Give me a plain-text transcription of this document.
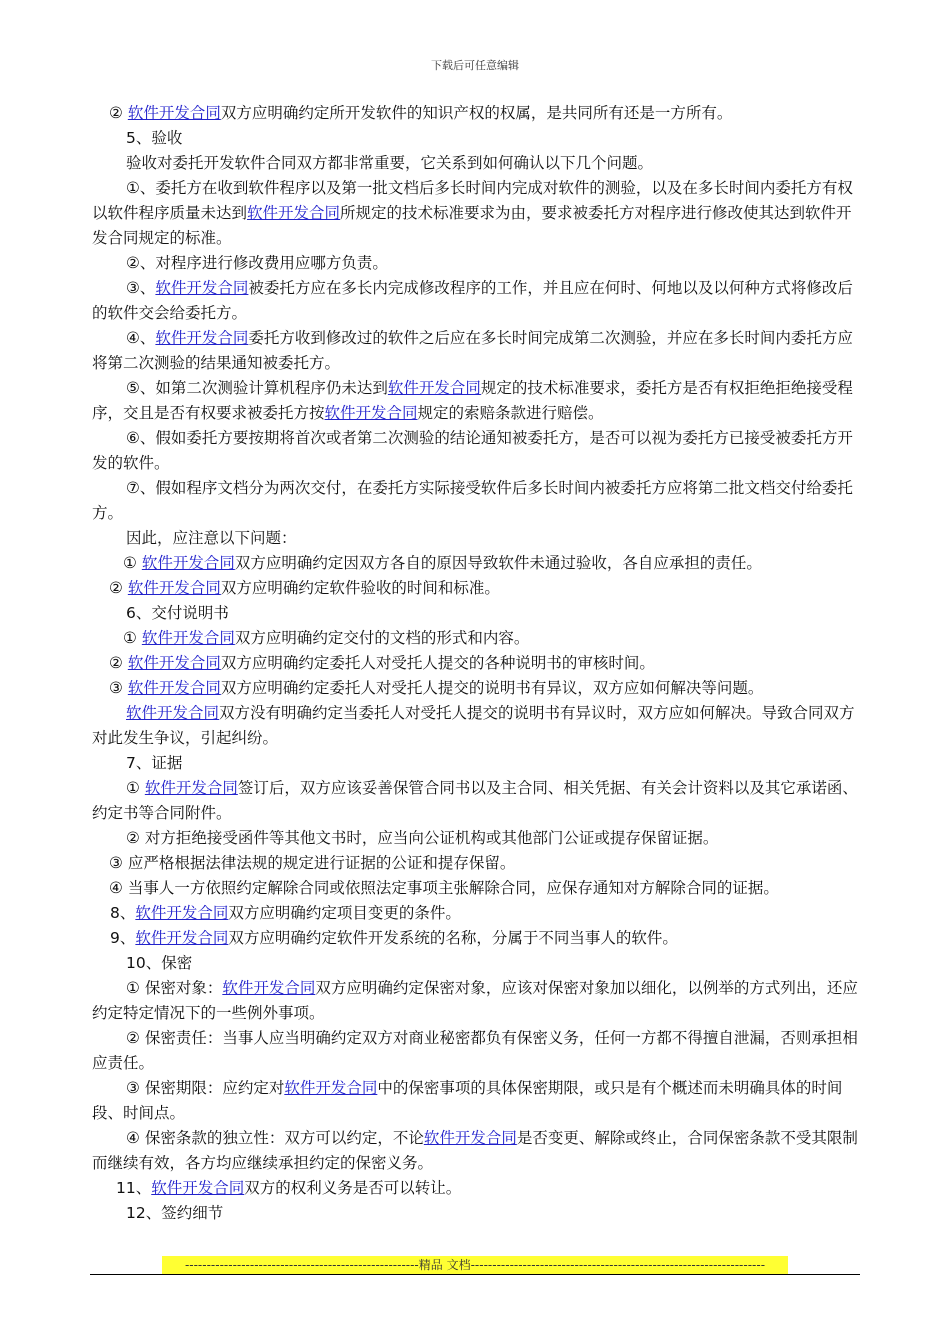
下载后可任意编辑
② 软件开发合同双方应明确约定所开发软件的知识产权的权属，是共同所有还是一方所有。
5、验收
验收对委托开发软件合同双方都非常重要，它关系到如何确认以下几个问题。
①、委托方在收到软件程序以及第一批文档后多长时间内完成对软件的测验，以及在多长时间内委托方有权以软件程序质量未达到软件开发合同所规定的技术标准要求为由，要求被委托方对程序进行修改使其达到软件开发合同规定的标准。
②、对程序进行修改费用应哪方负责。
③、软件开发合同被委托方应在多长内完成修改程序的工作，并且应在何时、何地以及以何种方式将修改后的软件交会给委托方。
④、软件开发合同委托方收到修改过的软件之后应在多长时间完成第二次测验，并应在多长时间内委托方应将第二次测验的结果通知被委托方。
⑤、如第二次测验计算机程序仍未达到软件开发合同规定的技术标准要求，委托方是否有权拒绝拒绝接受程序，交且是否有权要求被委托方按软件开发合同规定的索赔条款进行赔偿。
⑥、假如委托方要按期将首次或者第二次测验的结论通知被委托方，是否可以视为委托方已接受被委托方开发的软件。
⑦、假如程序文档分为两次交付，在委托方实际接受软件后多长时间内被委托方应将第二批文档交付给委托方。
因此，应注意以下问题：
① 软件开发合同双方应明确约定因双方各自的原因导致软件未通过验收，各自应承担的责任。
② 软件开发合同双方应明确约定软件验收的时间和标准。
6、交付说明书
① 软件开发合同双方应明确约定交付的文档的形式和内容。
② 软件开发合同双方应明确约定委托人对受托人提交的各种说明书的审核时间。
③ 软件开发合同双方应明确约定委托人对受托人提交的说明书有异议，双方应如何解决等问题。
软件开发合同双方没有明确约定当委托人对受托人提交的说明书有异议时，双方应如何解决。导致合同双方对此发生争议，引起纠纷。
7、证据
① 软件开发合同签订后，双方应该妥善保管合同书以及主合同、相关凭据、有关会计资料以及其它承诺函、约定书等合同附件。
② 对方拒绝接受函件等其他文书时，应当向公证机构或其他部门公证或提存保留证据。
③ 应严格根据法律法规的规定进行证据的公证和提存保留。
④ 当事人一方依照约定解除合同或依照法定事项主张解除合同，应保存通知对方解除合同的证据。
8、软件开发合同双方应明确约定项目变更的条件。
9、软件开发合同双方应明确约定软件开发系统的名称，分属于不同当事人的软件。
10、保密
① 保密对象：软件开发合同双方应明确约定保密对象，应该对保密对象加以细化，以例举的方式列出，还应约定特定情况下的一些例外事项。
② 保密责任：当事人应当明确约定双方对商业秘密都负有保密义务，任何一方都不得擅自泄漏，否则承担相应责任。
③ 保密期限：应约定对软件开发合同中的保密事项的具体保密期限，或只是有个概述而未明确具体的时间段、时间点。
④ 保密条款的独立性：双方可以约定，不论软件开发合同是否变更、解除或终止，合同保密条款不受其限制而继续有效，各方均应继续承担约定的保密义务。
11、软件开发合同双方的权利义务是否可以转让。
12、签约细节
------------------------------------------------------精品 文档--------------------------------------------------------------------
